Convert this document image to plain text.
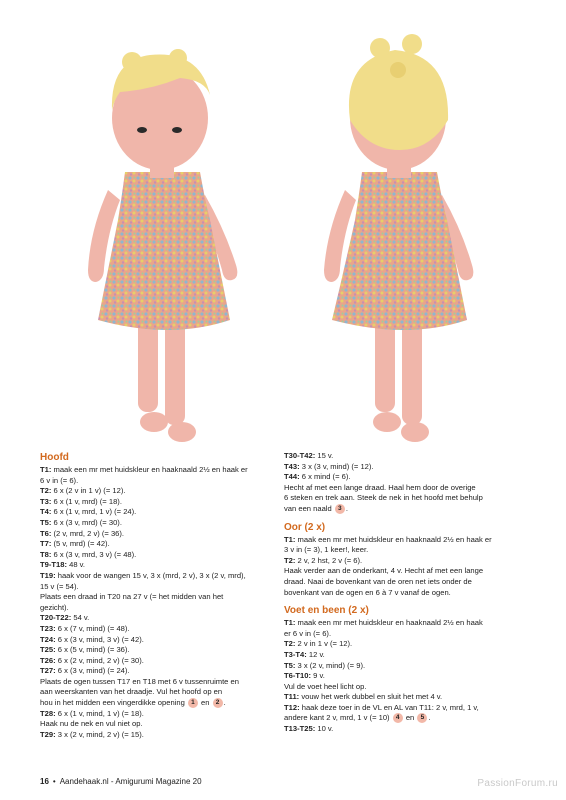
Hoofd
T1: maak een mr met huidskleur en haaknaald 2½ en haak er
6 v in (= 6).
T2: 6 x (2 v in 1 v) (= 12).
T3: 6 x (1 v, mrd) (= 18).
T4: 6 x (1 v, mrd, 1 v) (= 24).
T5: 6 x (3 v, mrd) (= 30).
T6: (2 v, mrd, 2 v) (= 36).
T7: (5 v, mrd) (= 42).
T8: 6 x (3 v, mrd, 3 v) (= 48).
T9-T18: 48 v.
T19: haak voor de wangen 15 v, 3 x (mrd, 2 v), 3 x (2 v, mrd),
15 v (= 54).
Plaats een draad in T20 na 27 v (= het midden van het
gezicht).
T20-T22: 54 v.
T23: 6 x (7 v, mind) (= 48).
T24: 6 x (3 v, mind, 3 v) (= 42).
T25: 6 x (5 v, mind) (= 36).
T26: 6 x (2 v, mind, 2 v) (= 30).
T27: 6 x (3 v, mind) (= 24).
Plaats de ogen tussen T17 en T18 met 6 v tussenruimte en
aan weerskanten van het draadje. Vul het hoofd op en
hou in het midden een vingerdikke opening 1 en 2 .
T28: 6 x (1 v, mind, 1 v) (= 18).
Haak nu de nek en vul niet op.
T29: 3 x (2 v, mind, 2 v) (= 15).
T30-T42: 15 v.
T43: 3 x (3 v, mind) (= 12).
T44: 6 x mind (= 6).
Hecht af met een lange draad. Haal hem door de overige
6 steken en trek aan. Steek de nek in het hoofd met behulp
van een naald 3 .
Oor (2 x)
T1: maak een mr met huidskleur en haaknaald 2½ en haak er
3 v in (= 3), 1 keer!, keer.
T2: 2 v, 2 hst, 2 v (= 6).
Haak verder aan de onderkant, 4 v. Hecht af met een lange
draad. Naai de bovenkant van de oren net iets onder de
bovenkant van de ogen en 6 à 7 v vanaf de ogen.
Voet en been (2 x)
T1: maak een mr met huidskleur en haaknaald 2½ en haak
er 6 v in (= 6).
T2: 2 v in 1 v (= 12).
T3-T4: 12 v.
T5: 3 x (2 v, mind) (= 9).
T6-T10: 9 v.
Vul de voet heel licht op.
T11: vouw het werk dubbel en sluit het met 4 v.
T12: haak deze toer in de VL en AL van T11: 2 v, mrd, 1 v,
andere kant 2 v, mrd, 1 v (= 10) 4 en 5 .
T13-T25: 10 v.
16 • Aandehaak.nl - Amigurumi Magazine 20	PassionForum.ru
